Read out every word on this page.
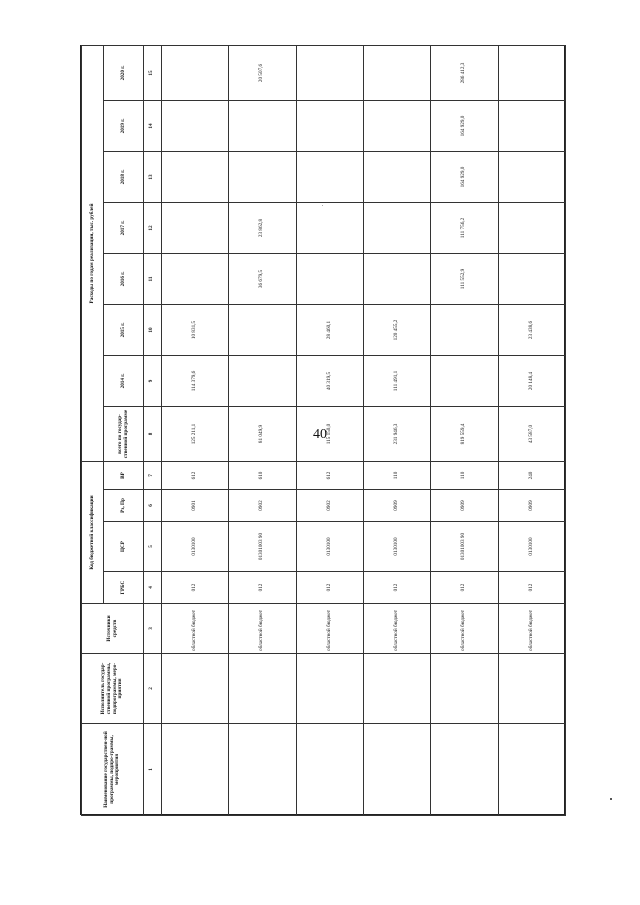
40
Наименование государствен-ной программы, подпро-граммы, мероприятия	Исполнитель государ-ственной программы, подпрограммы, меро-приятия	Источники средств	Код бюджетной классификации				Расходы по годам реализации, тыс. рублей							
			ГРБС	ЦСР	Рз, Пр	ВР	всего по государ-ственной программе	2014 г.	2015 г.	2016 г.	2017 г.	2018 г.	2019 г.	2020 г.
1	2	3	4	5	6	7	8	9	10	11	12	13	14	15
		областной бюджет	012	0130100	0901	612	125 211,1	114 379,6	10 831,5					
		областной бюджет	012	01301003 90	0902	610	81 049,9			36 679,5	23 862,8			20 507,6
		областной бюджет	012	0130100	0902	612	115 150,0	40 319,5	28 460,1					
		областной бюджет	012	0130100	0909	110	231 946,3	111 491,1	120 455,2					
		областной бюджет	012	01301003 90	0909	110	819 559,4			111 552,9	111 756,2	164 929,0	164 929,0	286 412,3
		областной бюджет	012	0130100	0909	240	43 587,0	20 148,4	23 438,6					
